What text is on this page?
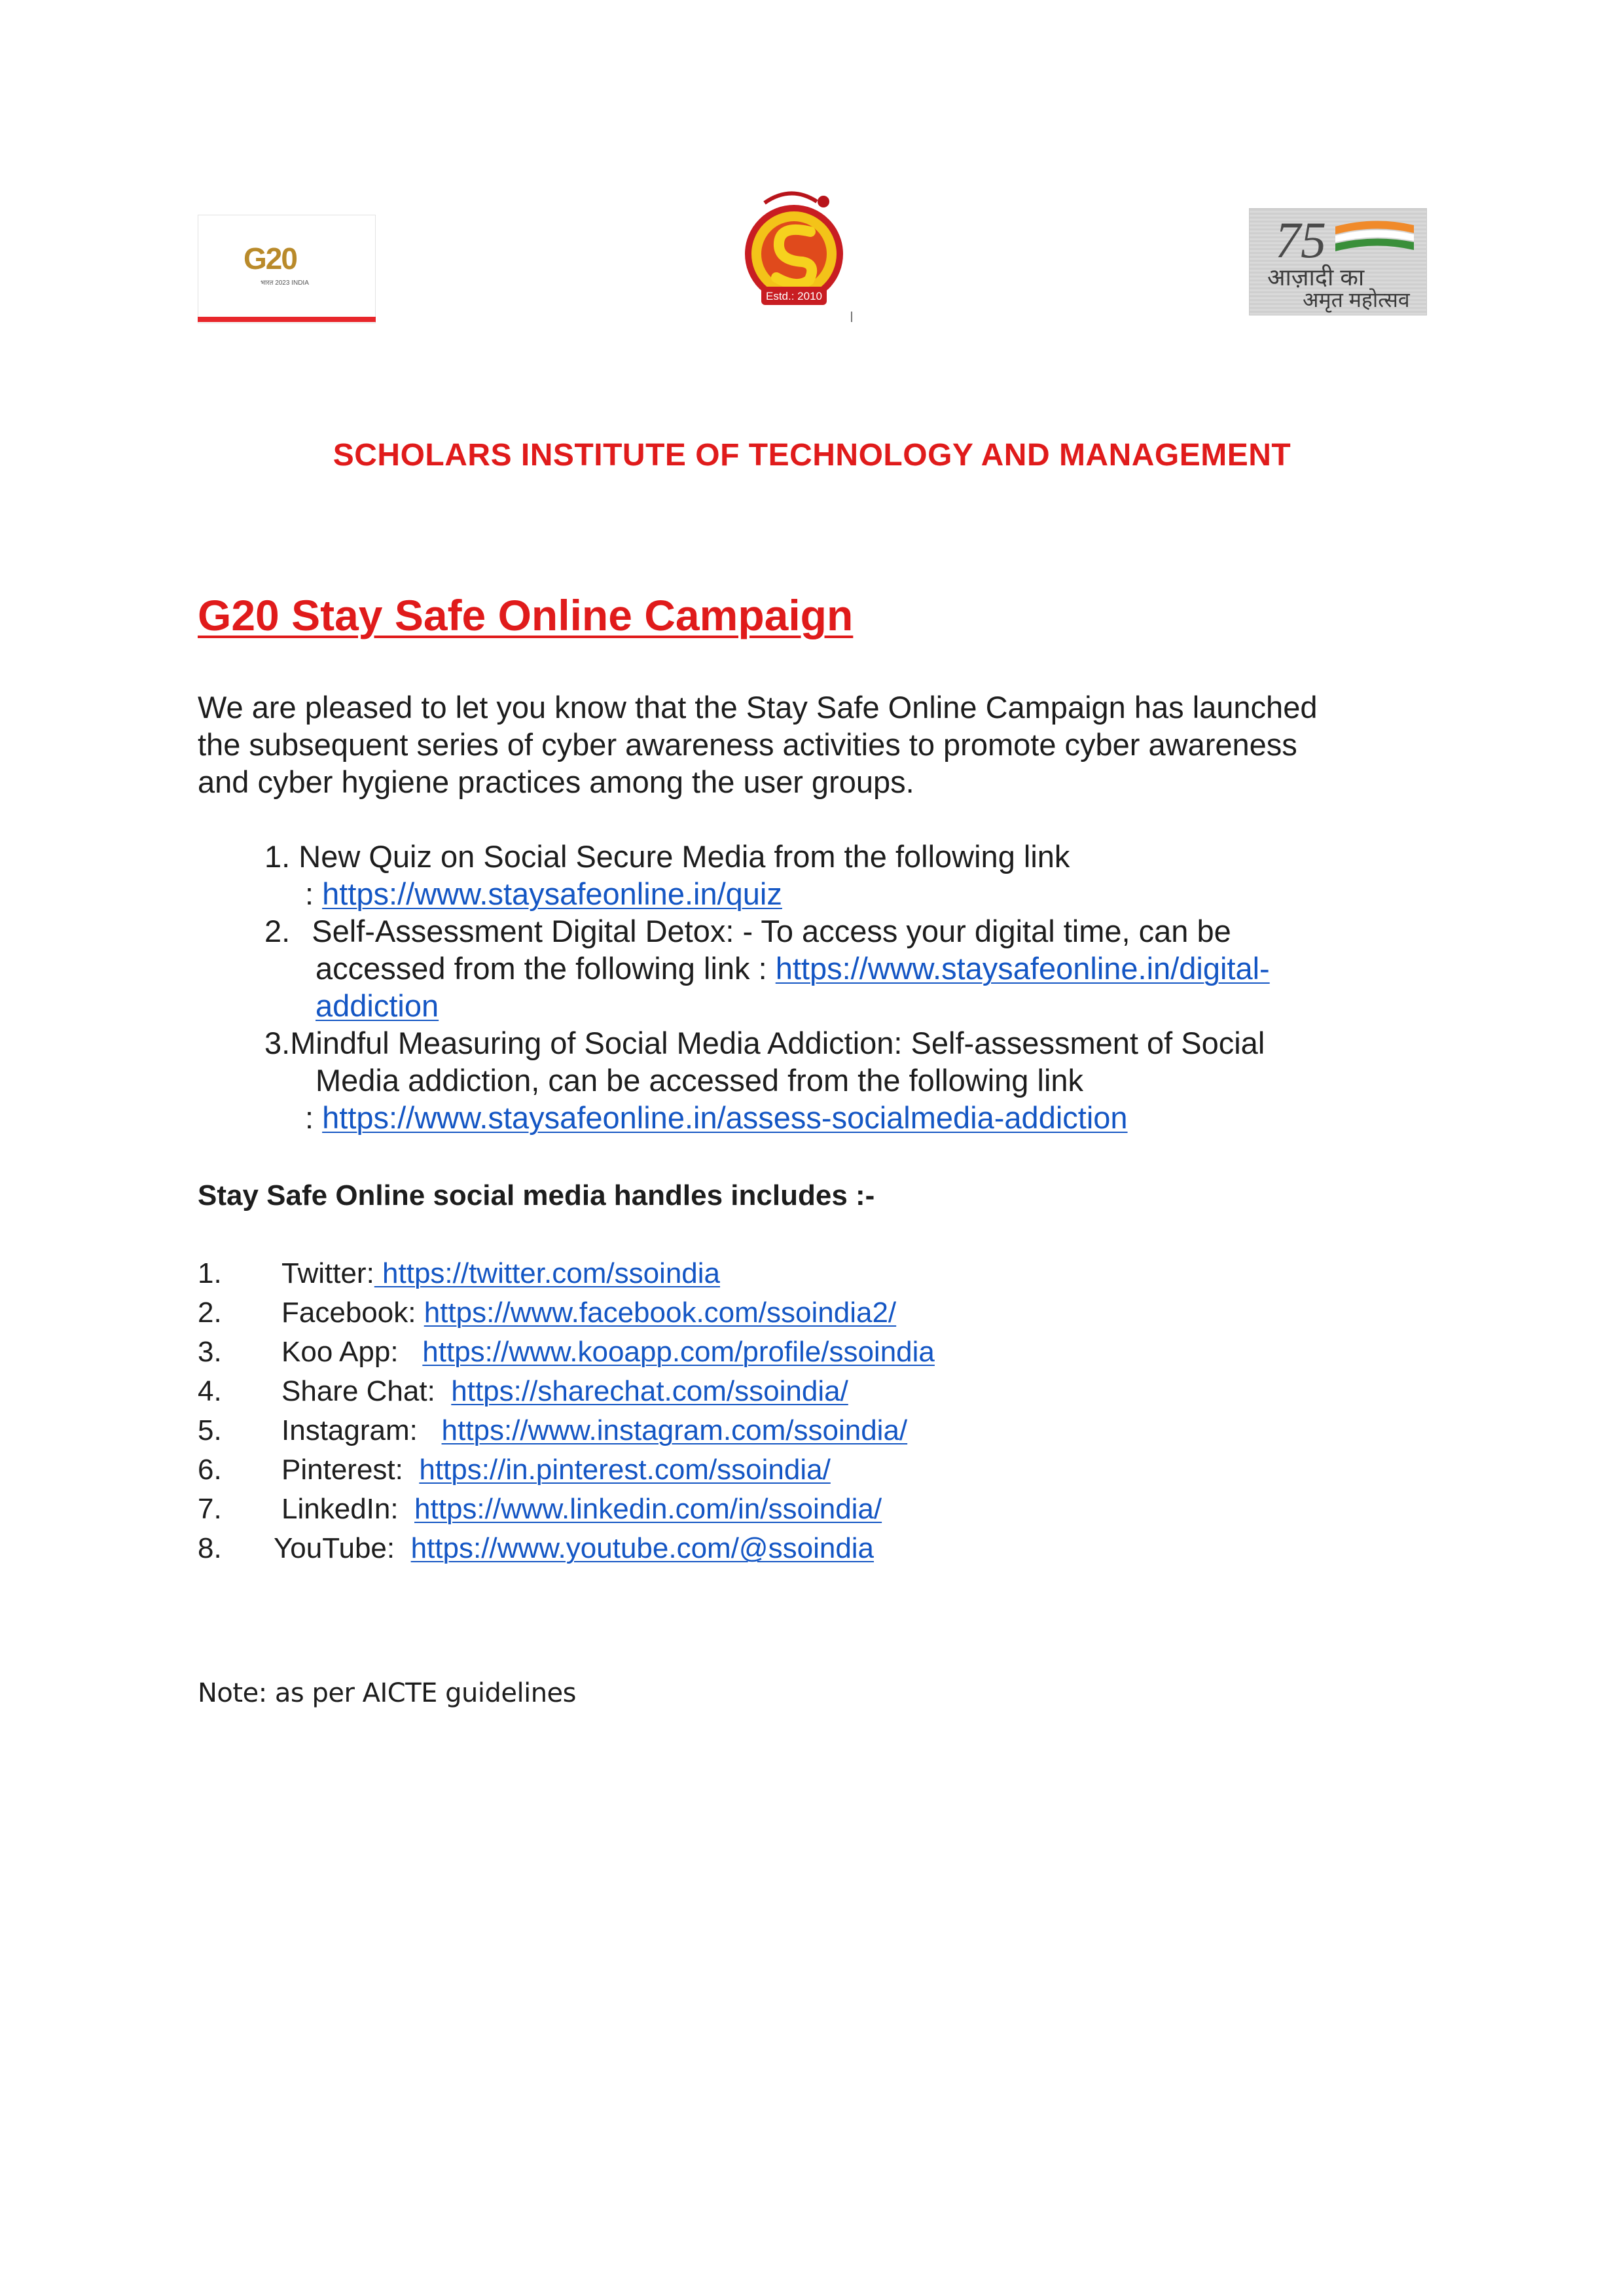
G20
भारत 2023 INDIA
Estd.: 2010
75
आज़ादी का
अमृत महोत्सव
SCHOLARS INSTITUTE OF TECHNOLOGY AND MANAGEMENT
G20 Stay Safe Online Campaign
We are pleased to let you know that the Stay Safe Online Campaign has launched
the subsequent series of cyber awareness activities to promote cyber awareness
and cyber hygiene practices among the user groups.
1. New Quiz on Social Secure Media from the following link
: https://www.staysafeonline.in/quiz
2. Self-Assessment Digital Detox: - To access your digital time, can be
accessed from the following link : https://www.staysafeonline.in/digital-
addiction
3.Mindful Measuring of Social Media Addiction: Self-assessment of Social
Media addiction, can be accessed from the following link
: https://www.staysafeonline.in/assess-socialmedia-addiction
Stay Safe Online social media handles includes :-
1. Twitter: https://twitter.com/ssoindia
2. Facebook: https://www.facebook.com/ssoindia2/
3. Koo App:   https://www.kooapp.com/profile/ssoindia
4. Share Chat:  https://sharechat.com/ssoindia/
5. Instagram:   https://www.instagram.com/ssoindia/
6. Pinterest:  https://in.pinterest.com/ssoindia/
7. LinkedIn:  https://www.linkedin.com/in/ssoindia/
8. YouTube:  https://www.youtube.com/@ssoindia
Note: as per AICTE guidelines
